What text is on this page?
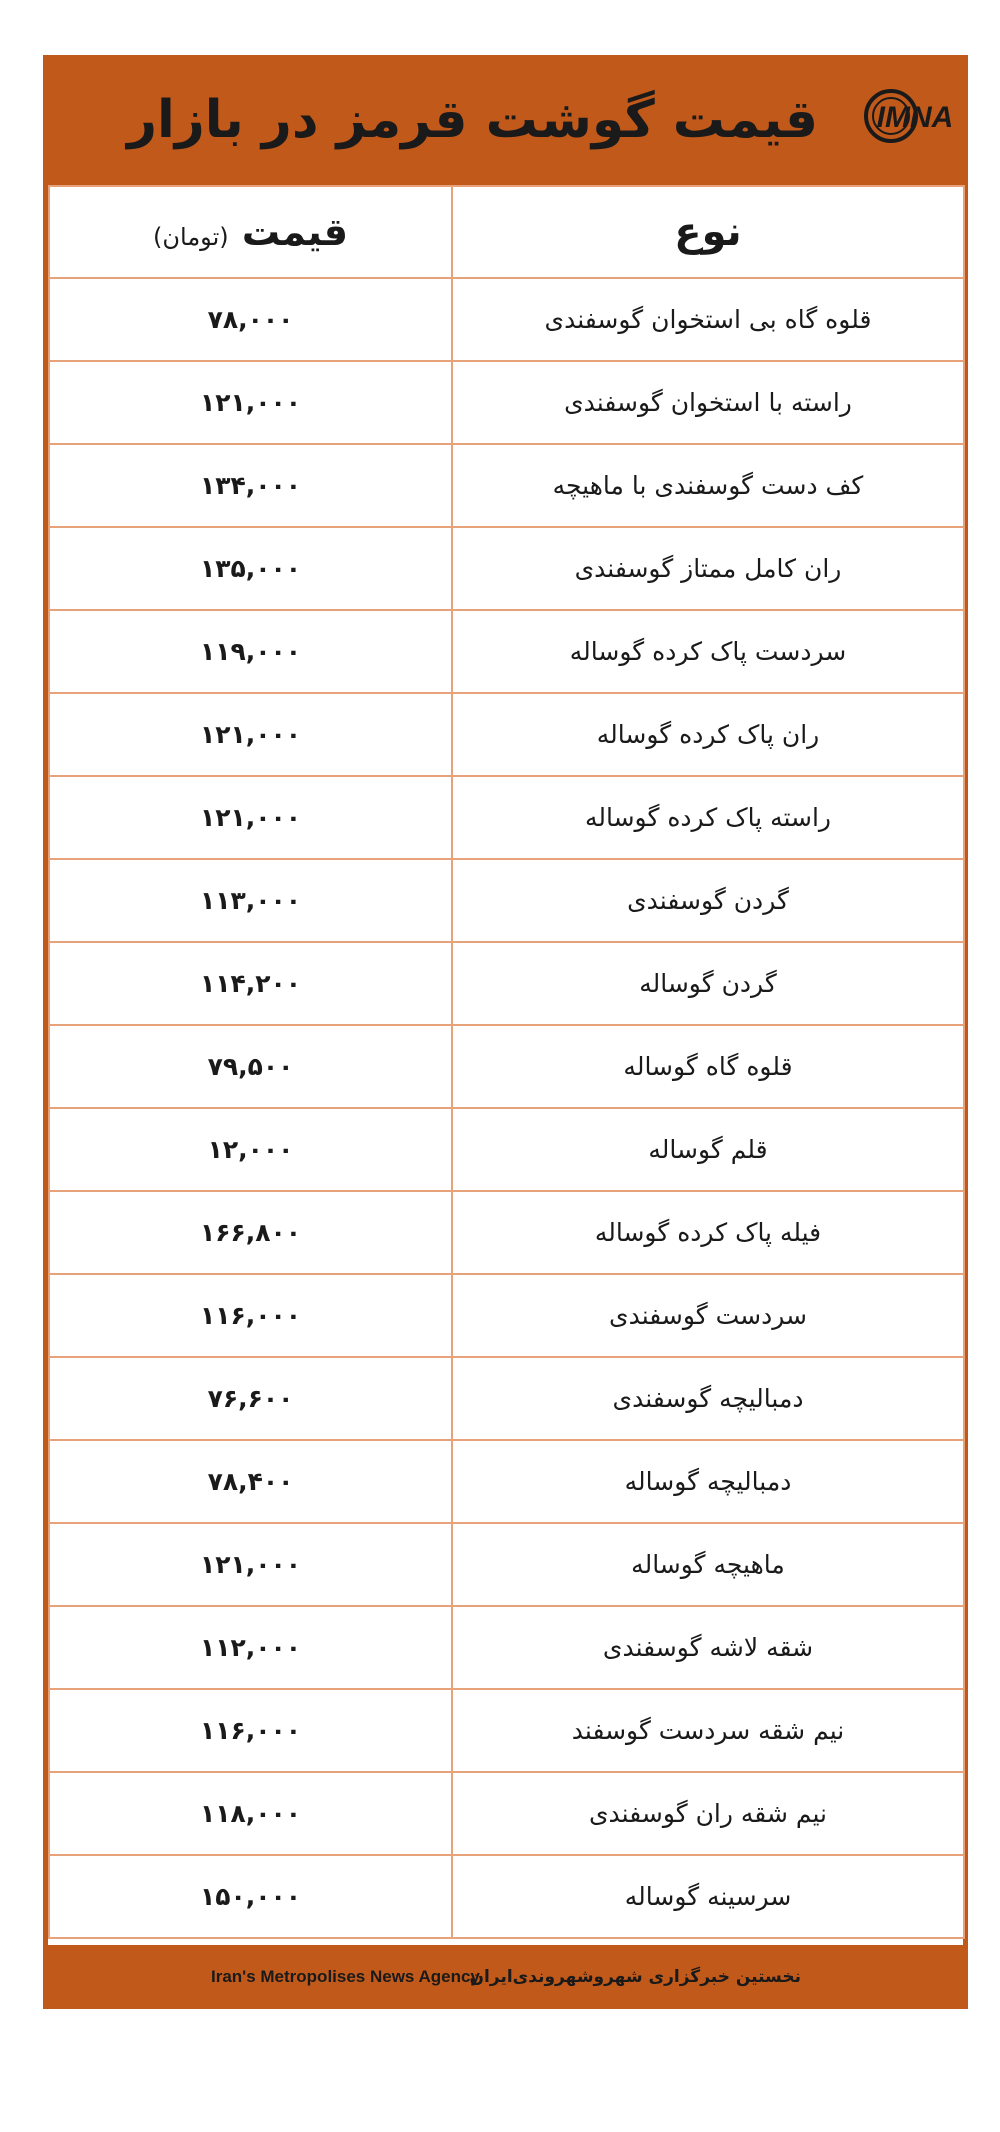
قیمت گوشت قرمز در بازار IMNA
قیمت (تومان)	نوع
۷۸,۰۰۰	قلوه گاه بی استخوان گوسفندی
۱۲۱,۰۰۰	راسته با استخوان گوسفندی
۱۳۴,۰۰۰	کف دست گوسفندی با ماهیچه
۱۳۵,۰۰۰	ران کامل ممتاز گوسفندی
۱۱۹,۰۰۰	سردست پاک کرده گوساله
۱۲۱,۰۰۰	ران پاک کرده گوساله
۱۲۱,۰۰۰	راسته پاک کرده گوساله
۱۱۳,۰۰۰	گردن گوسفندی
۱۱۴,۲۰۰	گردن گوساله
۷۹,۵۰۰	قلوه گاه گوساله
۱۲,۰۰۰	قلم گوساله
۱۶۶,۸۰۰	فیله پاک کرده گوساله
۱۱۶,۰۰۰	سردست گوسفندی
۷۶,۶۰۰	دمبالیچه گوسفندی
۷۸,۴۰۰	دمبالیچه گوساله
۱۲۱,۰۰۰	ماهیچه گوساله
۱۱۲,۰۰۰	شقه لاشه گوسفندی
۱۱۶,۰۰۰	نیم شقه سردست گوسفند
۱۱۸,۰۰۰	نیم شقه ران گوسفندی
۱۵۰,۰۰۰	سرسینه گوساله
Iran's Metropolises News Agency
نخستین خبرگزاری شهروشهروندی‌ایران
